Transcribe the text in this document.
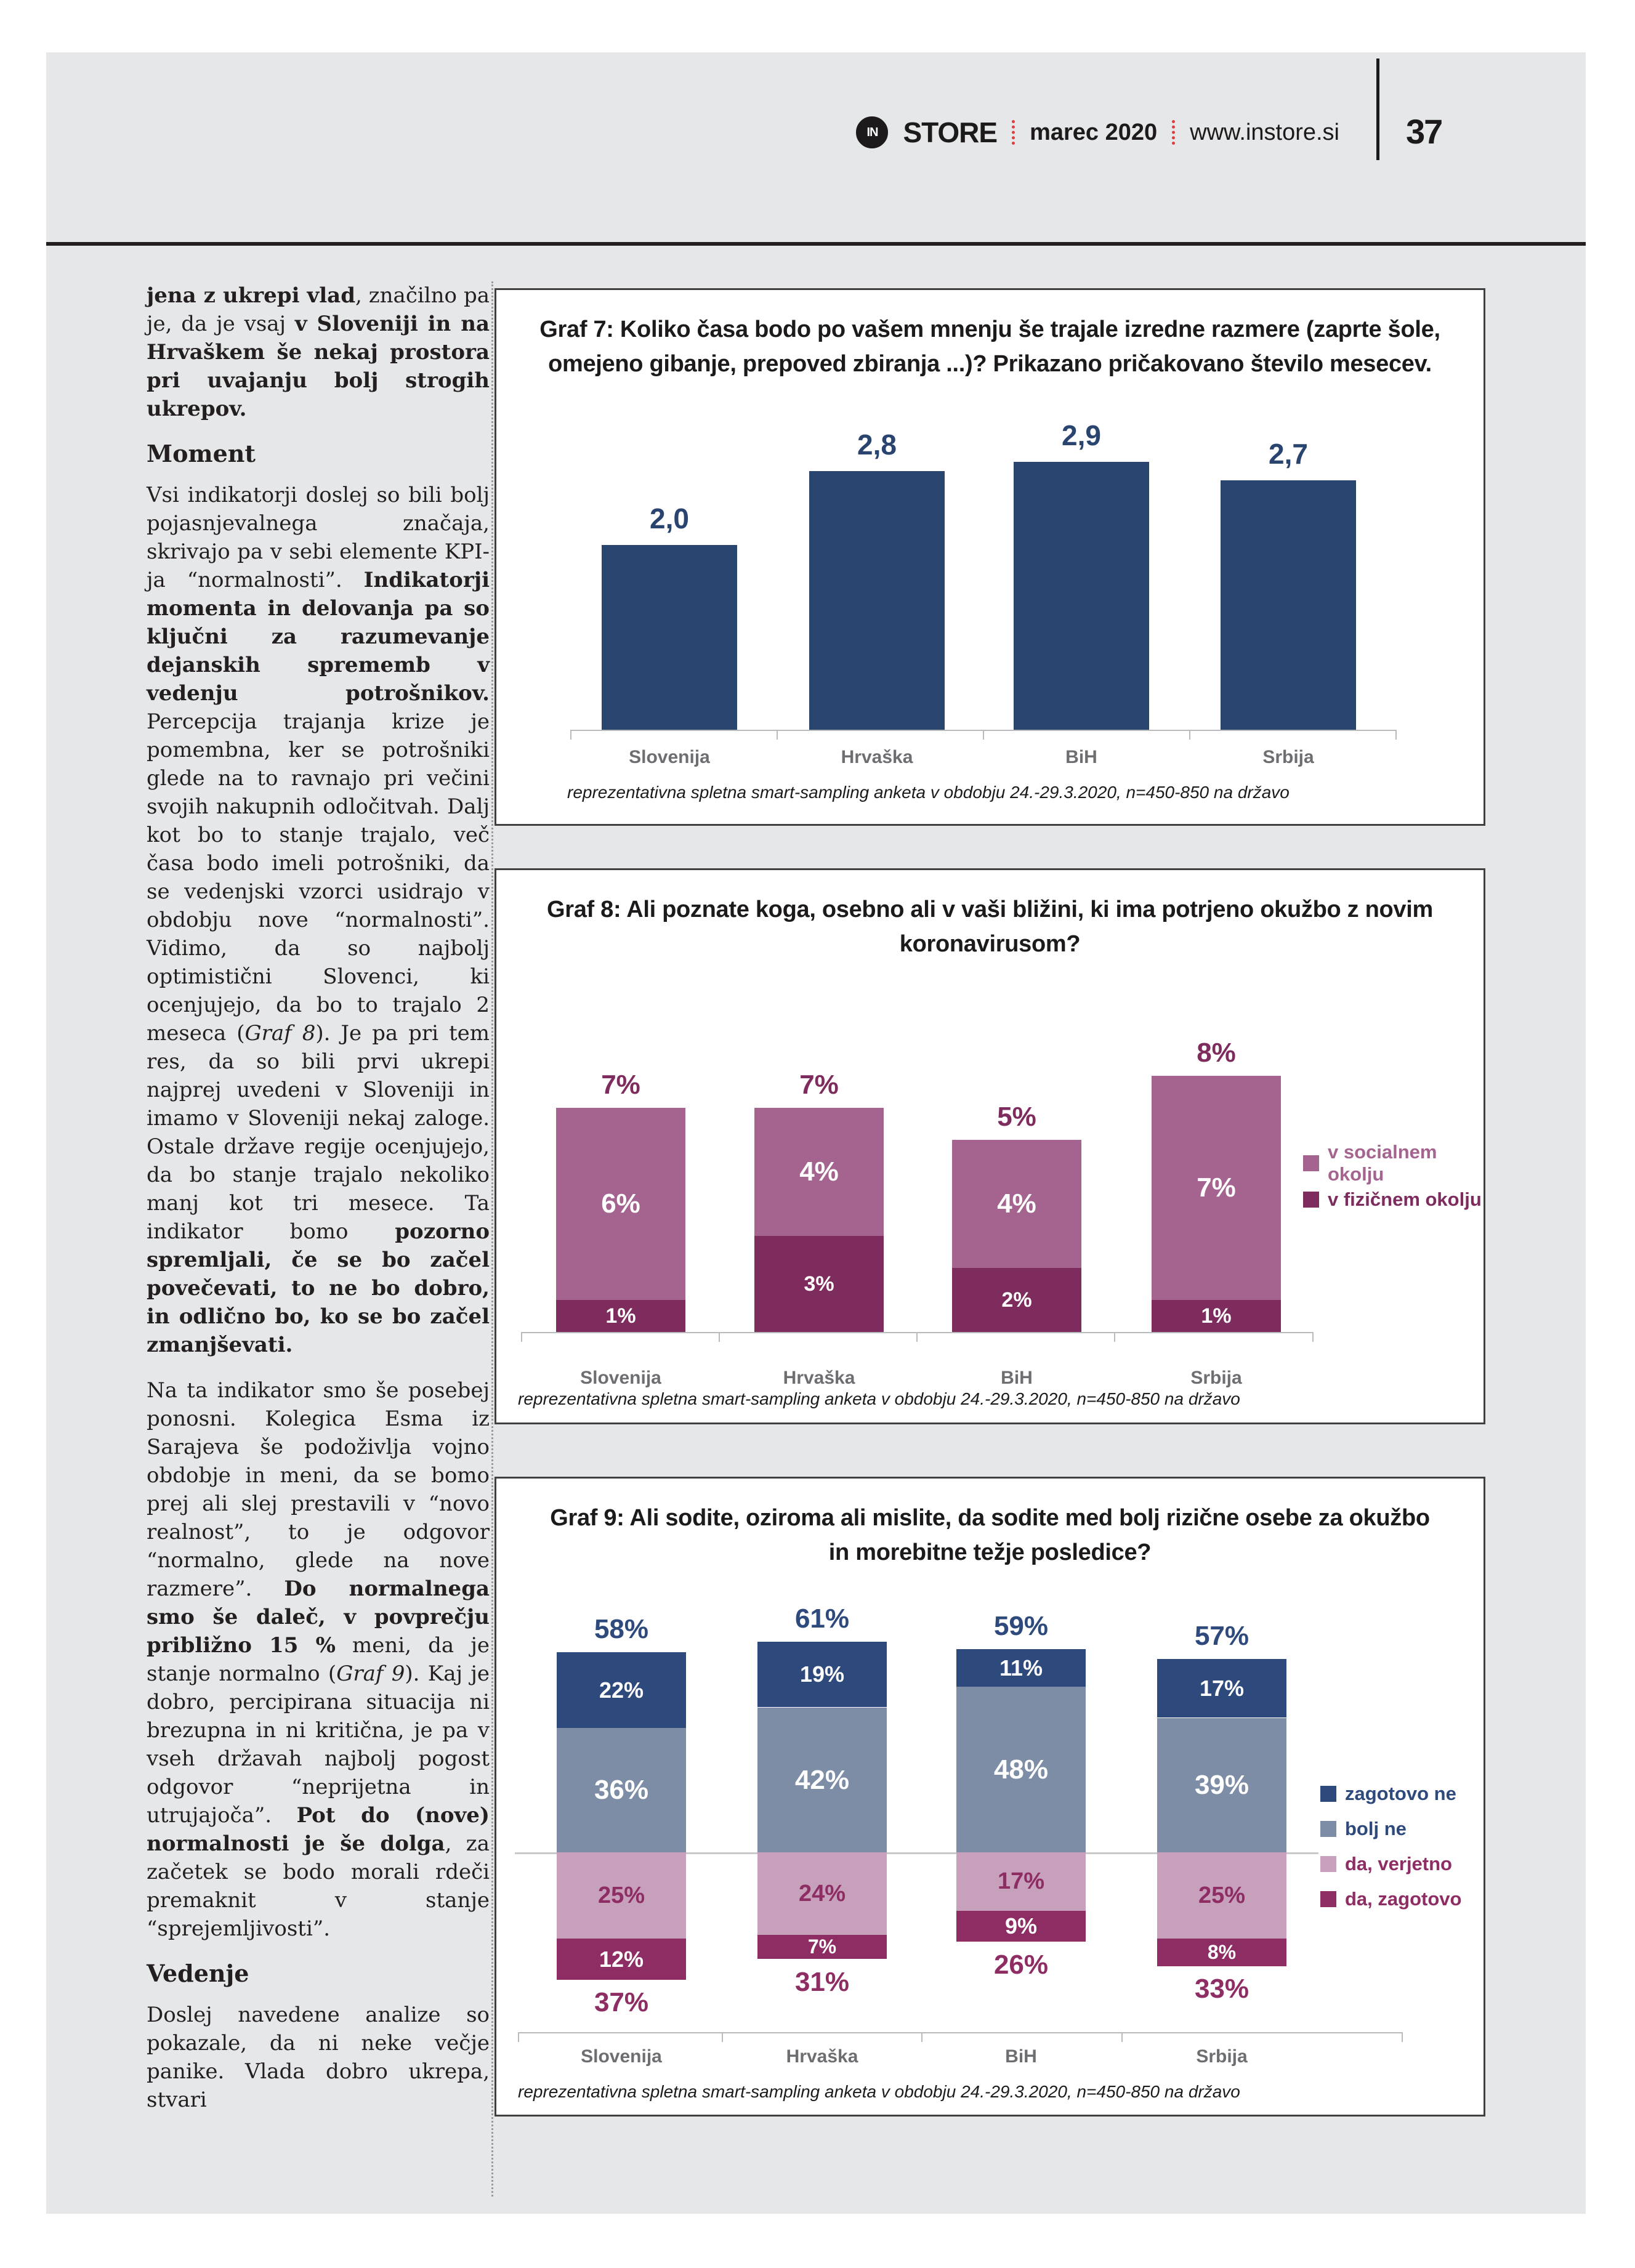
IN STORE marec 2020 www.instore.si 37

jena z ukrepi vlad, značilno pa je, da je vsaj v Sloveniji in na Hrvaškem še nekaj prostora pri uvajanju bolj strogih ukrepov.

Moment

Vsi indikatorji doslej so bili bolj pojasnjevalnega značaja, skrivajo pa v sebi elemente KPI-ja “normalnosti”. Indikatorji momenta in delovanja pa so ključni za razumevanje dejanskih sprememb v vedenju potrošnikov. Percepcija trajanja krize je pomembna, ker se potrošniki glede na to ravnajo pri večini svojih nakupnih odločitvah. Dalj kot bo to stanje trajalo, več časa bodo imeli potrošniki, da se vedenjski vzorci usidrajo v obdobju nove “normalnosti”. Vidimo, da so najbolj optimistični Slovenci, ki ocenjujejo, da bo to trajalo 2 meseca (Graf 8). Je pa pri tem res, da so bili prvi ukrepi najprej uvedeni v Sloveniji in imamo v Sloveniji nekaj zaloge. Ostale države regije ocenjujejo, da bo stanje trajalo nekoliko manj kot tri mesece. Ta indikator bomo pozorno spremljali, če se bo začel povečevati, to ne bo dobro, in odlično bo, ko se bo začel zmanjševati.

Na ta indikator smo še posebej ponosni. Kolegica Esma iz Sarajeva še podoživlja vojno obdobje in meni, da se bomo prej ali slej prestavili v “novo realnost”, to je odgovor “normalno, glede na nove razmere”. Do normalnega smo še daleč, v povprečju približno 15 % meni, da je stanje normalno (Graf 9). Kaj je dobro, percipirana situacija ni brezupna in ni kritična, je pa v vseh državah najbolj pogost odgovor “neprijetna in utrujajoča”. Pot do (nove) normalnosti je še dolga, za začetek se bodo morali rdeči premaknit v stanje “sprejemljivosti”.

Vedenje

Doslej navedene analize so pokazale, da ni neke večje panike. Vlada dobro ukrepa, stvari

Graf 7: Koliko časa bodo po vašem mnenju še trajale izredne razmere (zaprte šole, omejeno gibanje, prepoved zbiranja ...)? Prikazano pričakovano število mesecev.
2,0
2,8	2,9
2,7
Slovenija	Hrvaška	BiH	Srbija
reprezentativna spletna smart-sampling anketa v obdobju 24.-29.3.2020, n=450-850 na državo
Graf 8: Ali poznate koga, osebno ali v vaši bližini, ki ima potrjeno okužbo z novim koronavirusom?
6%
1%
7%
4%
3%
7%
4%
2%
5%
7%
1%
8%
Slovenija	Hrvaška	BiH	Srbija
v socialnem okolju
v fizičnem okolju
reprezentativna spletna smart-sampling anketa v obdobju 24.-29.3.2020, n=450-850 na državo
Graf 9: Ali sodite, oziroma ali mislite, da sodite med bolj rizične osebe za okužbo in morebitne težje posledice?
22%
36%
25%
12%
58%
37%
19%
42%
24%
7%
61%
31%
11%
48%
17%
9%
59%
26%
17%
39%
25%
8%
57%
33%
Slovenija	Hrvaška	BiH	Srbija
zagotovo ne
bolj ne
da, verjetno
da, zagotovo
reprezentativna spletna smart-sampling anketa v obdobju 24.-29.3.2020, n=450-850 na državo
